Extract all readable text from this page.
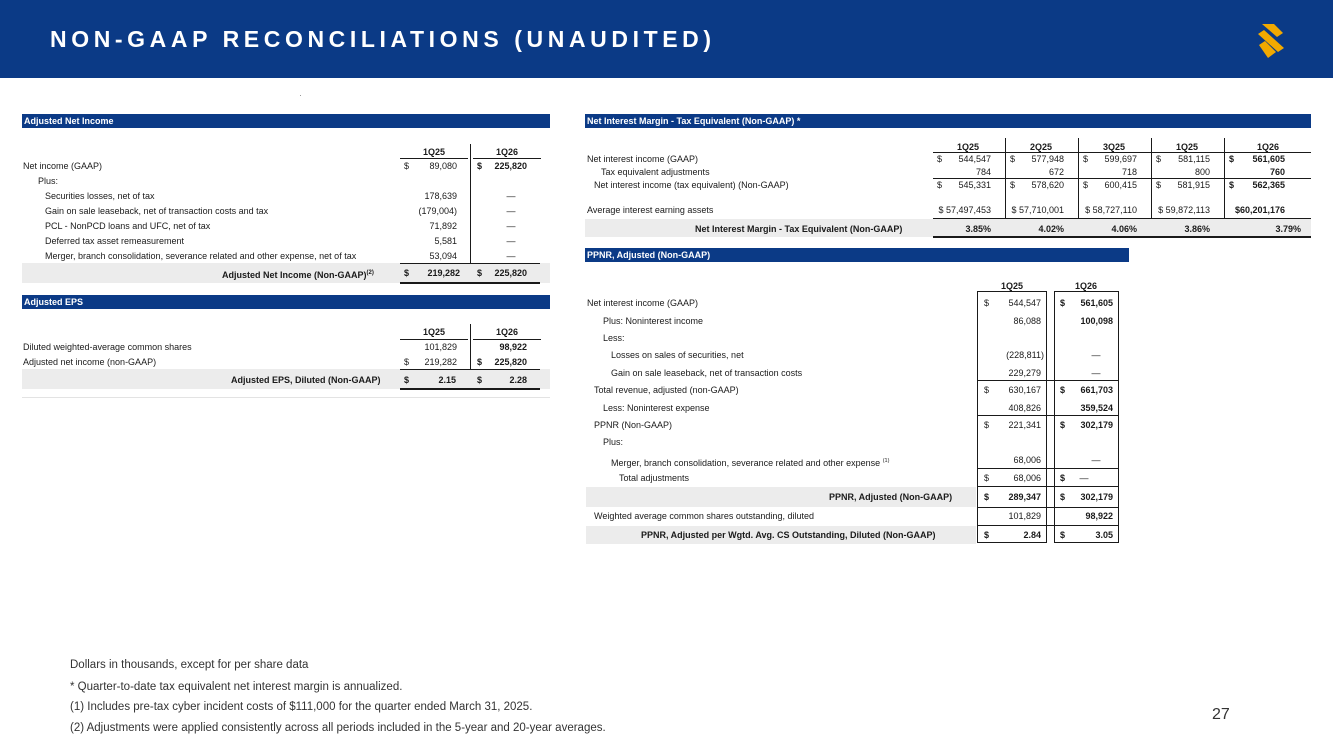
NON-GAAP RECONCILIATIONS (UNAUDITED)
Adjusted Net Income
1Q25	1Q26
Net income (GAAP)	$	89,080 $	225,820
Plus:
Securities losses, net of tax	178,639	—
Gain on sale leaseback, net of transaction costs and tax	(179,004)	—
PCL - NonPCD loans and UFC, net of tax	71,892	—
Deferred tax asset remeasurement	5,581	—
Merger, branch consolidation, severance related and other expense, net of tax	53,094	—
Adjusted Net Income (Non-GAAP)$^{(2)}$	$	219,282 $	225,820
Adjusted EPS
1Q25	1Q26
Diluted weighted-average common shares	101,829	98,922
Adjusted net income (non-GAAP)	$	219,282 $	225,820
Adjusted EPS, Diluted (Non-GAAP)	$	2.15 $	2.28
Net Interest Margin - Tax Equivalent (Non-GAAP) *
1Q25	2Q25	3Q25	1Q25	1Q26
Net interest income (GAAP)	$	544,547 $	577,948 $	599,697 $	581,115 $	561,605
Tax equivalent adjustments	784	672	718	800	760
Net interest income (tax equivalent) (Non-GAAP)	$	545,331 $	578,620 $	600,415 $	581,915 $	562,365
Average interest earning assets	$ 57,497,453	$ 57,710,001	$ 58,727,110	$ 59,872,113	$60,201,176
Net Interest Margin - Tax Equivalent (Non-GAAP)	3.85%	4.02%	4.06%	3.86%	3.79%
PPNR, Adjusted (Non-GAAP)
1Q25	1Q26
Net interest income (GAAP)	$	544,547 $	561,605
Plus: Noninterest income	86,088	100,098
Less:
Losses on sales of securities, net	(228,811)	—
Gain on sale leaseback, net of transaction costs	229,279	—
Total revenue, adjusted (non-GAAP)	$	630,167 $	661,703
Less: Noninterest expense	408,826	359,524
PPNR (Non-GAAP)	$	221,341 $	302,179
Plus:
Merger, branch consolidation, severance related and other expense $^{(1)}$	68,006	—
Total adjustments	$	68,006 $	—
PPNR, Adjusted (Non-GAAP)	$	289,347 $	302,179
Weighted average common shares outstanding, diluted	101,829	98,922
PPNR, Adjusted per Wgtd. Avg. CS Outstanding, Diluted (Non-GAAP)	$	2.84 $	3.05
Dollars in thousands, except for per share data
* Quarter-to-date tax equivalent net interest margin is annualized.
(1) Includes pre-tax cyber incident costs of $111,000 for the quarter ended March 31, 2025.
(2) Adjustments were applied consistently across all periods included in the 5-year and 20-year averages.
27
